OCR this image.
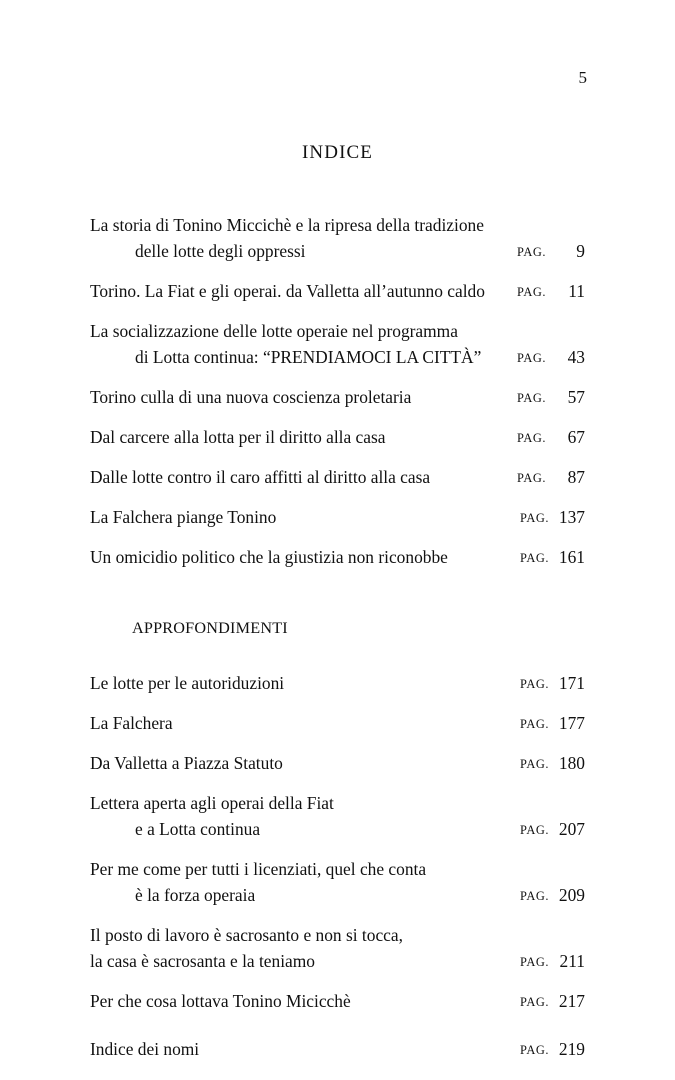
5
INDICE
La storia di Tonino Miccichè e la ripresa della tradizione
delle lotte degli oppressi	PAG. 9
Torino. La Fiat e gli operai. da Valletta all’autunno caldo	PAG. 11
La socializzazione delle lotte operaie nel programma
di Lotta continua: “PRENDIAMOCI LA CITTÀ”	PAG. 43
Torino culla di una nuova coscienza proletaria	PAG. 57
Dal carcere alla lotta per il diritto alla casa	PAG. 67
Dalle lotte contro il caro affitti al diritto alla casa	PAG. 87
La Falchera piange Tonino	PAG. 137
Un omicidio politico che la giustizia non riconobbe	PAG. 161
APPROFONDIMENTI
Le lotte per le autoriduzioni	PAG. 171
La Falchera	PAG. 177
Da Valletta a Piazza Statuto	PAG. 180
Lettera aperta agli operai della Fiat
e a Lotta continua	PAG. 207
Per me come per tutti i licenziati, quel che conta
è la forza operaia	PAG. 209
Il posto di lavoro è sacrosanto e non si tocca,
la casa è sacrosanta e la teniamo	PAG. 211
Per che cosa lottava Tonino Micicchè	PAG. 217
Indice dei nomi	PAG. 219
